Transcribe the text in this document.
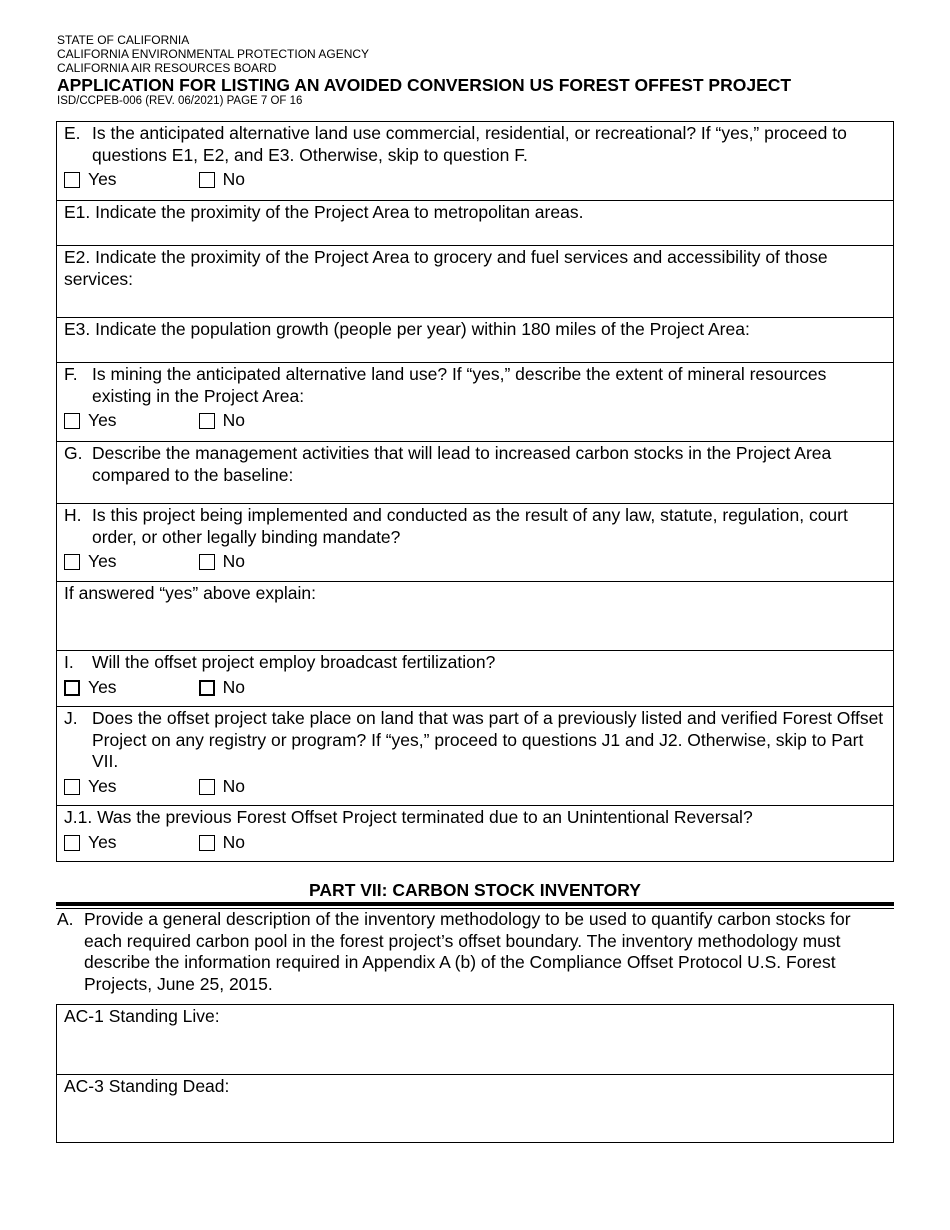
STATE OF CALIFORNIA
CALIFORNIA ENVIRONMENTAL PROTECTION AGENCY
CALIFORNIA AIR RESOURCES BOARD
APPLICATION FOR LISTING AN AVOIDED CONVERSION US FOREST OFFEST PROJECT
ISD/CCPEB-006 (REV. 06/2021) PAGE 7 OF 16
E. Is the anticipated alternative land use commercial, residential, or recreational? If “yes,” proceed to questions E1, E2, and E3. Otherwise, skip to question F.
Yes	No
E1. Indicate the proximity of the Project Area to metropolitan areas.
E2. Indicate the proximity of the Project Area to grocery and fuel services and accessibility of those services:
E3. Indicate the population growth (people per year) within 180 miles of the Project Area:
F. Is mining the anticipated alternative land use? If “yes,” describe the extent of mineral resources existing in the Project Area:
Yes	No
G. Describe the management activities that will lead to increased carbon stocks in the Project Area compared to the baseline:
H. Is this project being implemented and conducted as the result of any law, statute, regulation, court order, or other legally binding mandate?
Yes	No
If answered “yes” above explain:
I.	Will the offset project employ broadcast fertilization?
Yes	No
J. Does the offset project take place on land that was part of a previously listed and verified Forest Offset Project on any registry or program? If “yes,” proceed to questions J1 and J2. Otherwise, skip to Part VII.
Yes	No
J.1. Was the previous Forest Offset Project terminated due to an Unintentional Reversal?
Yes	No
PART VII: CARBON STOCK INVENTORY
A. Provide a general description of the inventory methodology to be used to quantify carbon stocks for each required carbon pool in the forest project’s offset boundary. The inventory methodology must describe the information required in Appendix A (b) of the Compliance Offset Protocol U.S. Forest Projects, June 25, 2015.
AC-1 Standing Live:
AC-3 Standing Dead:
